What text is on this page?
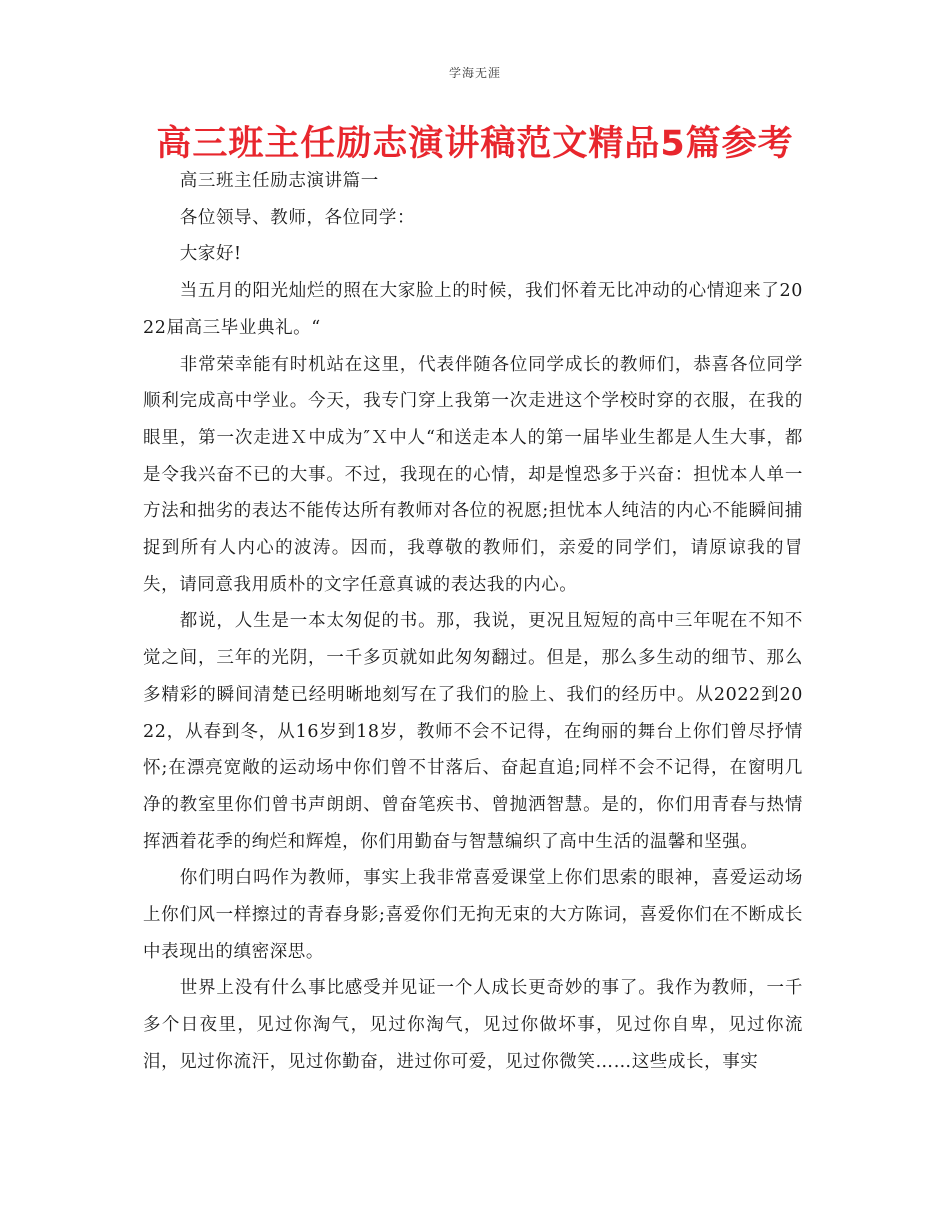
学海无涯
高三班主任励志演讲稿范文精品5篇参考

高三班主任励志演讲篇一

各位领导、教师，各位同学：

大家好!

当五月的阳光灿烂的照在大家脸上的时候，我们怀着无比冲动的心情迎来了2022届高三毕业典礼。“

非常荣幸能有时机站在这里，代表伴随各位同学成长的教师们，恭喜各位同学顺利完成高中学业。今天，我专门穿上我第一次走进这个学校时穿的衣服，在我的眼里，第一次走进Ｘ中成为″Ｘ中人“和送走本人的第一届毕业生都是人生大事，都是令我兴奋不已的大事。不过，我现在的心情，却是惶恐多于兴奋：担忧本人单一方法和拙劣的表达不能传达所有教师对各位的祝愿;担忧本人纯洁的内心不能瞬间捕捉到所有人内心的波涛。因而，我尊敬的教师们，亲爱的同学们，请原谅我的冒失，请同意我用质朴的文字任意真诚的表达我的内心。

都说，人生是一本太匆促的书。那，我说，更况且短短的高中三年呢在不知不觉之间，三年的光阴，一千多页就如此匆匆翻过。但是，那么多生动的细节、那么多精彩的瞬间清楚已经明晰地刻写在了我们的脸上、我们的经历中。从2022到2022，从春到冬，从16岁到18岁，教师不会不记得，在绚丽的舞台上你们曾尽抒情怀;在漂亮宽敞的运动场中你们曾不甘落后、奋起直追;同样不会不记得，在窗明几净的教室里你们曾书声朗朗、曾奋笔疾书、曾抛洒智慧。是的，你们用青春与热情挥洒着花季的绚烂和辉煌，你们用勤奋与智慧编织了高中生活的温馨和坚强。

你们明白吗作为教师，事实上我非常喜爱课堂上你们思索的眼神，喜爱运动场上你们风一样擦过的青春身影;喜爱你们无拘无束的大方陈词，喜爱你们在不断成长中表现出的缜密深思。

世界上没有什么事比感受并见证一个人成长更奇妙的事了。我作为教师，一千多个日夜里，见过你淘气，见过你淘气，见过你做坏事，见过你自卑，见过你流泪，见过你流汗，见过你勤奋，进过你可爱，见过你微笑……这些成长，事实
